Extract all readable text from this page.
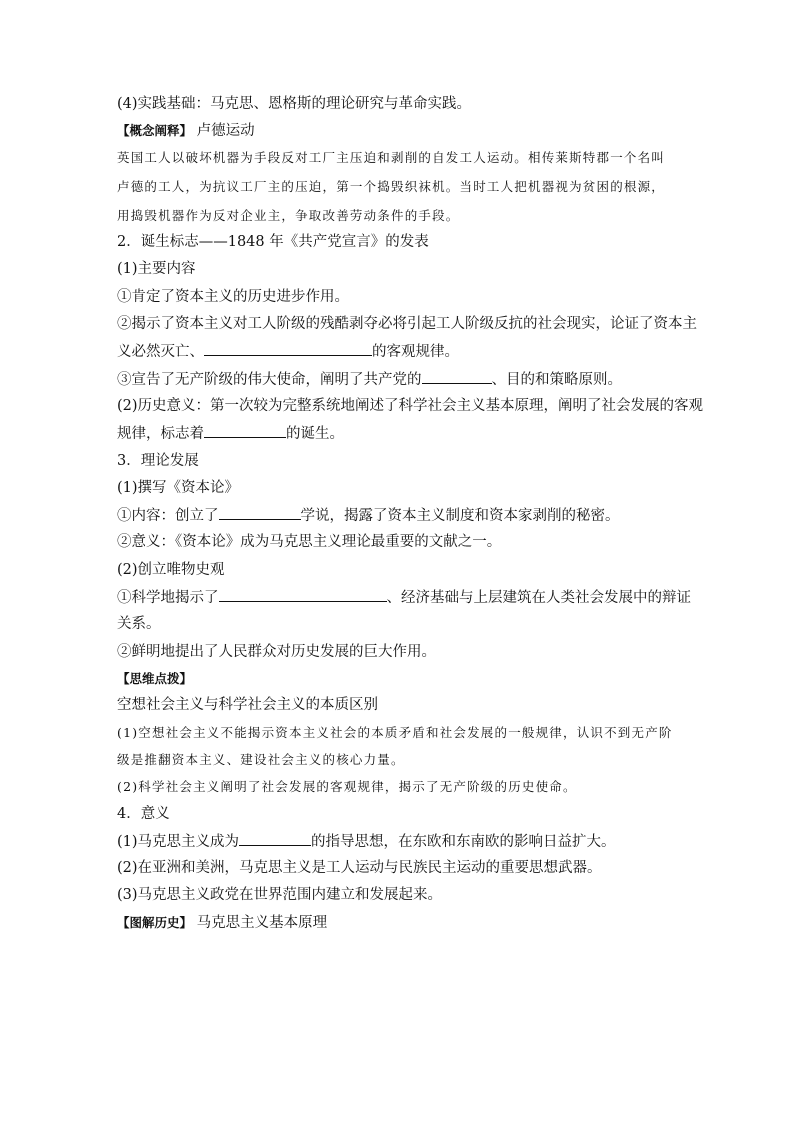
(4)实践基础：马克思、恩格斯的理论研究与革命实践。
【概念阐释】 卢德运动
英国工人以破坏机器为手段反对工厂主压迫和剥削的自发工人运动。相传莱斯特郡一个名叫
卢德的工人，为抗议工厂主的压迫，第一个捣毁织袜机。当时工人把机器视为贫困的根源，
用捣毁机器作为反对企业主，争取改善劳动条件的手段。
2．诞生标志——1848 年《共产党宣言》的发表
(1)主要内容
①肯定了资本主义的历史进步作用。
②揭示了资本主义对工人阶级的残酷剥夺必将引起工人阶级反抗的社会现实，论证了资本主
义必然灭亡、	的客观规律。
③宣告了无产阶级的伟大使命，阐明了共产党的	、目的和策略原则。
(2)历史意义：第一次较为完整系统地阐述了科学社会主义基本原理，阐明了社会发展的客观
规律，标志着	的诞生。
3．理论发展
(1)撰写《资本论》
①内容：创立了	学说，揭露了资本主义制度和资本家剥削的秘密。
②意义：《资本论》成为马克思主义理论最重要的文献之一。
(2)创立唯物史观
①科学地揭示了	、经济基础与上层建筑在人类社会发展中的辩证
关系。
②鲜明地提出了人民群众对历史发展的巨大作用。
【思维点拨】
空想社会主义与科学社会主义的本质区别
(1)空想社会主义不能揭示资本主义社会的本质矛盾和社会发展的一般规律，认识不到无产阶
级是推翻资本主义、建设社会主义的核心力量。
(2)科学社会主义阐明了社会发展的客观规律，揭示了无产阶级的历史使命。
4．意义
(1)马克思主义成为	的指导思想，在东欧和东南欧的影响日益扩大。
(2)在亚洲和美洲，马克思主义是工人运动与民族民主运动的重要思想武器。
(3)马克思主义政党在世界范围内建立和发展起来。
【图解历史】 马克思主义基本原理
